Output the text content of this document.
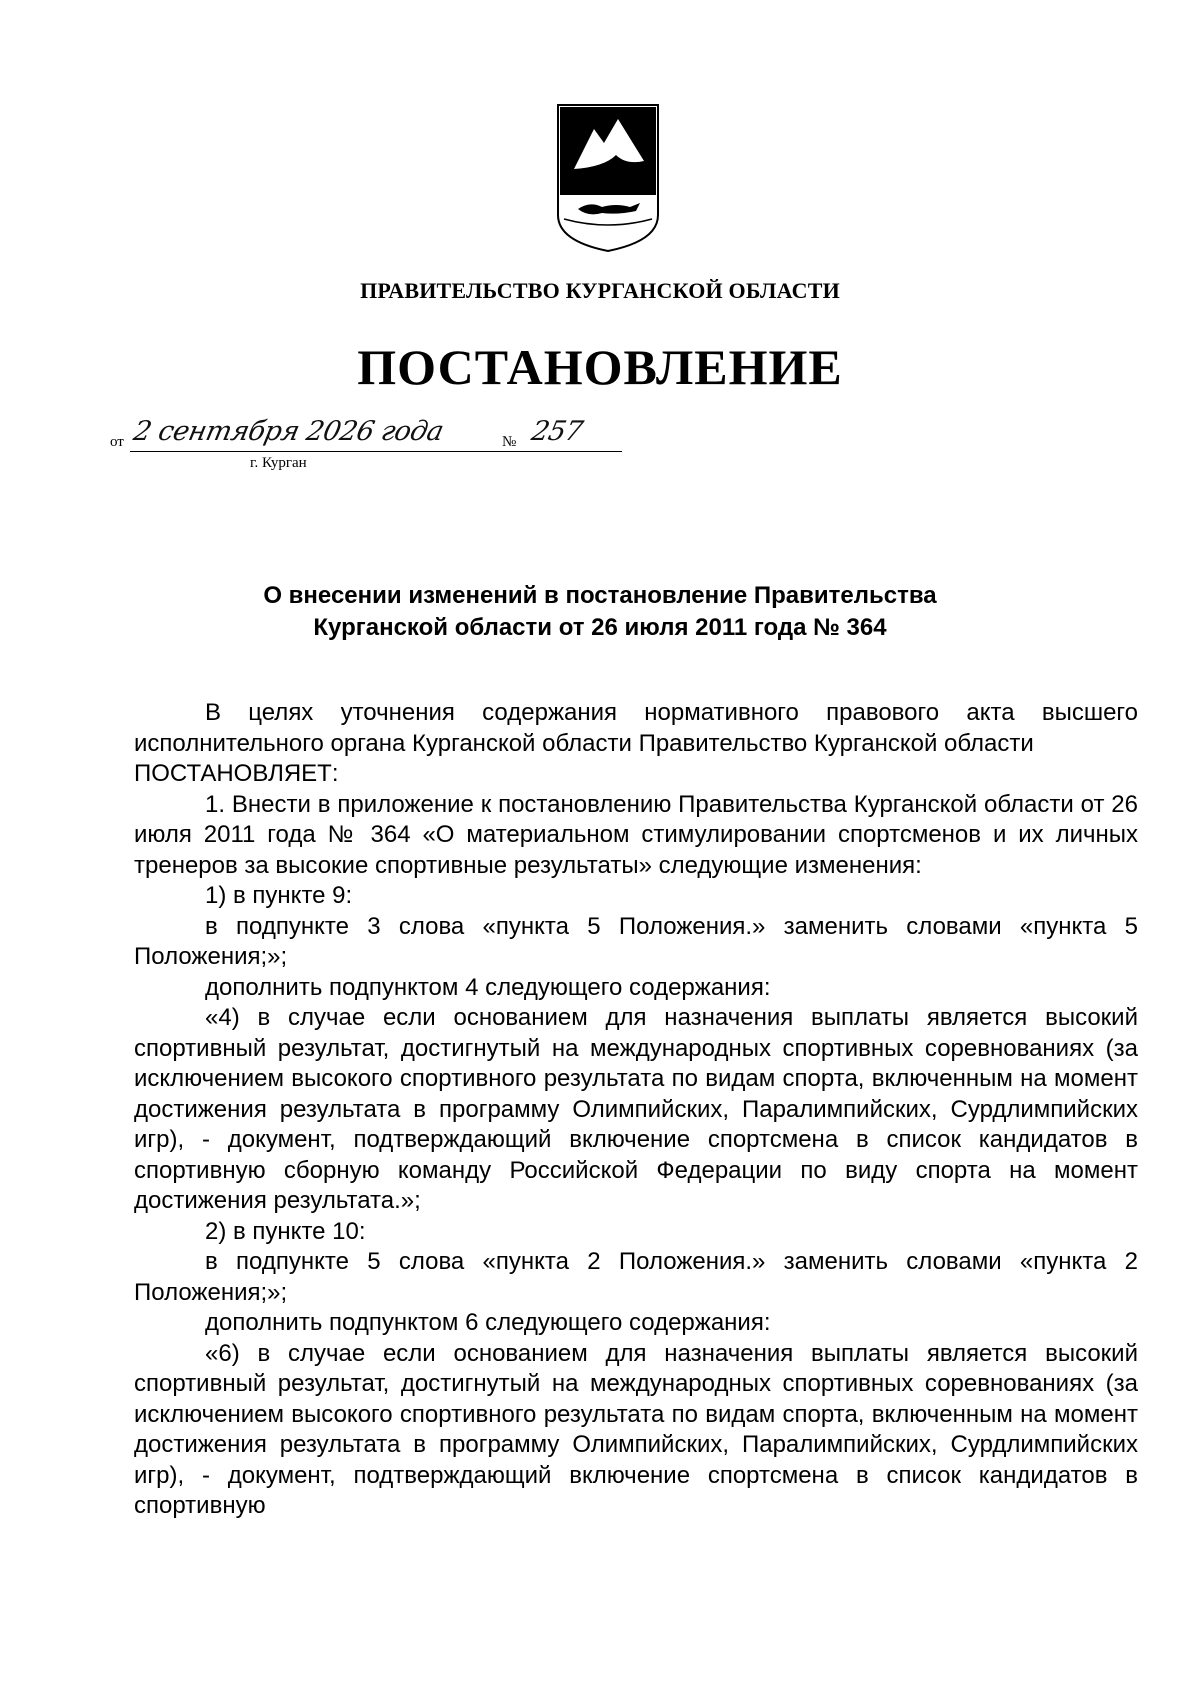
ПРАВИТЕЛЬСТВО КУРГАНСКОЙ ОБЛАСТИ
ПОСТАНОВЛЕНИЕ
от 2 сентября 2026 года	№ 257
г. Курган
О внесении изменений в постановление Правительства
Курганской области от 26 июля 2011 года № 364

В целях уточнения содержания нормативного правового акта высшего исполнительного органа Курганской области Правительство Курганской области

ПОСТАНОВЛЯЕТ:

1. Внести в приложение к постановлению Правительства Курганской области от 26 июля 2011 года № 364 «О материальном стимулировании спортсменов и их личных тренеров за высокие спортивные результаты» следующие изменения:

1) в пункте 9:

в подпункте 3 слова «пункта 5 Положения.» заменить словами «пункта 5 Положения;»;

дополнить подпунктом 4 следующего содержания:

«4) в случае если основанием для назначения выплаты является высокий спортивный результат, достигнутый на международных спортивных соревнованиях (за исключением высокого спортивного результата по видам спорта, включенным на момент достижения результата в программу Олимпийских, Паралимпийских, Сурдлимпийских игр), - документ, подтверждающий включение спортсмена в список кандидатов в спортивную сборную команду Российской Федерации по виду спорта на момент достижения результата.»;

2) в пункте 10:

в подпункте 5 слова «пункта 2 Положения.» заменить словами «пункта 2 Положения;»;

дополнить подпунктом 6 следующего содержания:

«6) в случае если основанием для назначения выплаты является высокий спортивный результат, достигнутый на международных спортивных соревнованиях (за исключением высокого спортивного результата по видам спорта, включенным на момент достижения результата в программу Олимпийских, Паралимпийских, Сурдлимпийских игр), - документ, подтверждающий включение спортсмена в список кандидатов в спортивную
